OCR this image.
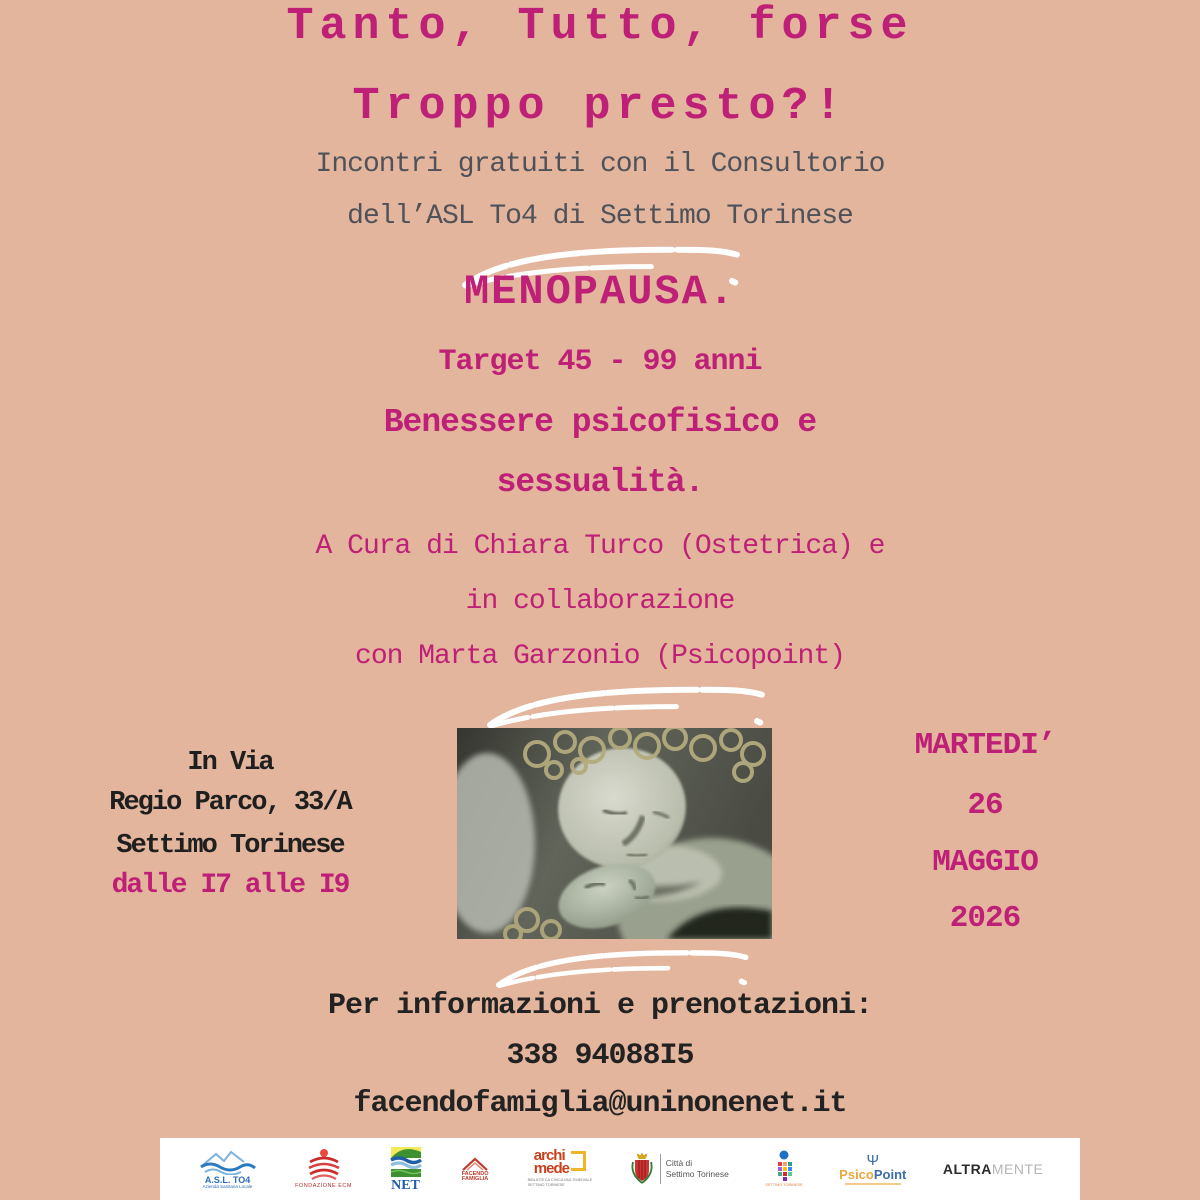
Tanto, Tutto, forse
Troppo presto?!
Incontri gratuiti con il Consultorio
dell’ASL To4 di Settimo Torinese
MENOPAUSA.
Target 45 - 99 anni
Benessere psicofisico e
sessualità.
A Cura di Chiara Turco (Ostetrica) e
in collaborazione
con Marta Garzonio (Psicopoint)
In Via
Regio Parco, 33/A
Settimo Torinese
dalle I7 alle I9
MARTEDI’
26
MAGGIO
2026
Per informazioni e prenotazioni:
338 94088I5
facendofamiglia@uninonenet.it
A.S.L. TO4
Azienda Sanitaria Locale	FONDAZIONE ECM	NET
FACENDO
FAMIGLIA
archi
mede
BIBLIOTECA CIVICA MULTIMEDIALE
SETTIMO TORINESE
Città di
Settimo Torinese
SETTIMO TORINESE
Ψ
PsicoPoint	ALTRAMENTE
